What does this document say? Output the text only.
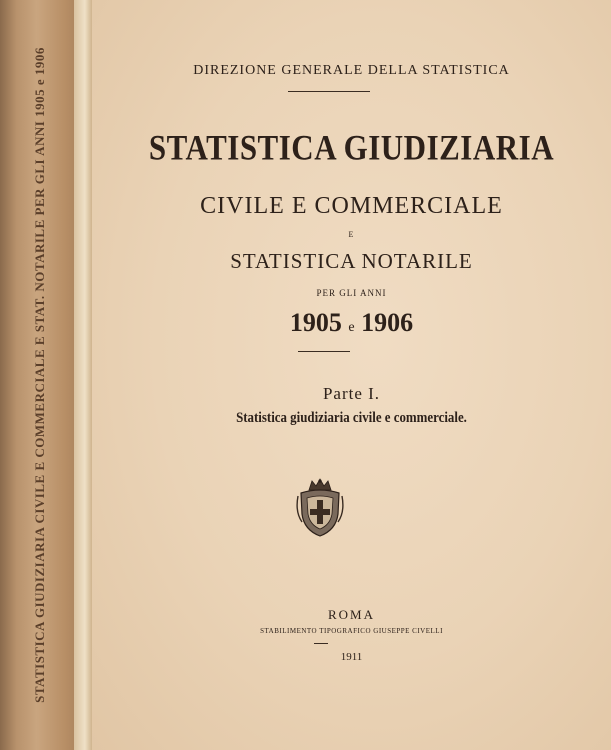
STATISTICA GIUDIZIARIA CIVILE E COMMERCIALE E STAT. NOTARILE PER GLI ANNI 1905 e 1906	DIREZIONE GENERALE DELLA STATISTICA
STATISTICA GIUDIZIARIA
CIVILE E COMMERCIALE
E
STATISTICA NOTARILE
PER GLI ANNI
1905 e 1906
Parte I.
Statistica giudiziaria civile e commerciale.
ROMA
STABILIMENTO TIPOGRAFICO GIUSEPPE CIVELLI
1911
